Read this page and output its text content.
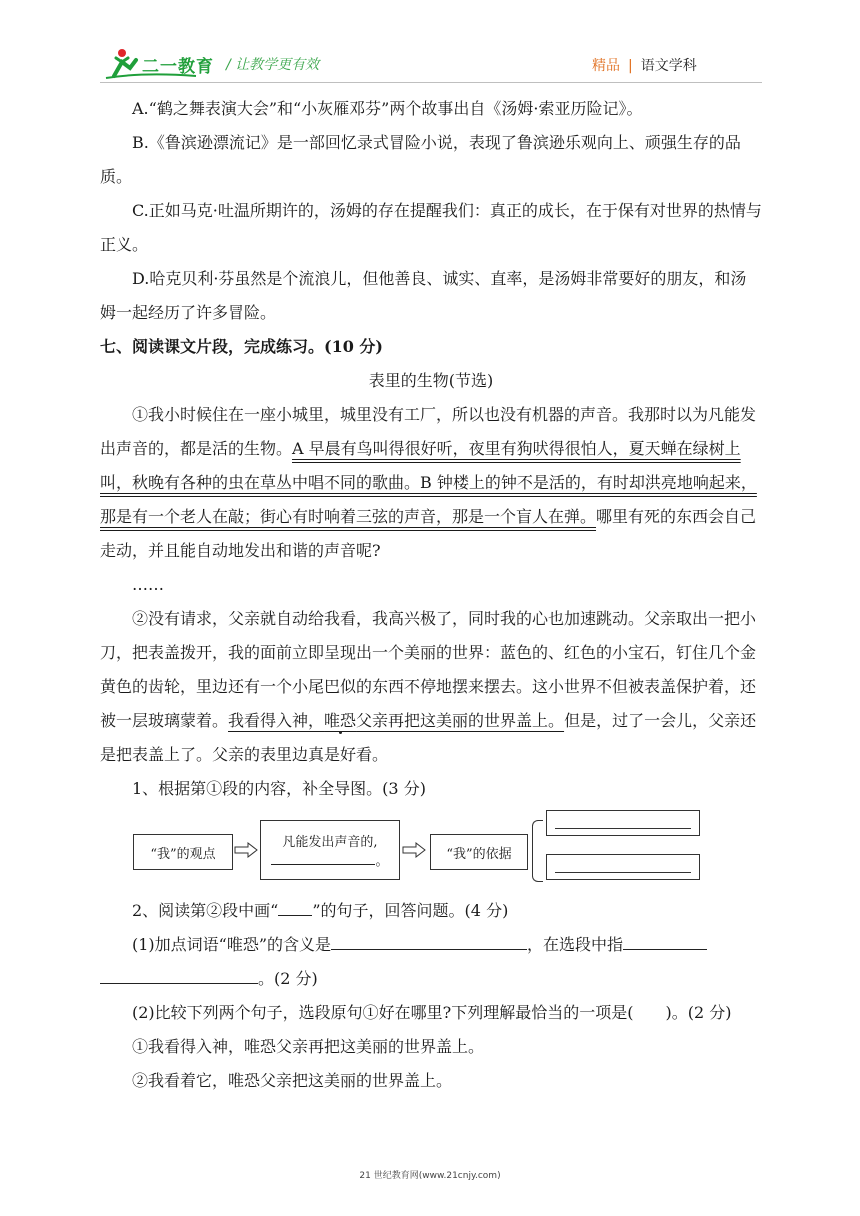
二一教育 / 让教学更有效	精品 | 语文学科

A.“鹤之舞表演大会”和“小灰雁邓芬”两个故事出自《汤姆·索亚历险记》。

B.《鲁滨逊漂流记》是一部回忆录式冒险小说，表现了鲁滨逊乐观向上、顽强生存的品质。

C.正如马克·吐温所期许的，汤姆的存在提醒我们：真正的成长，在于保有对世界的热情与正义。

D.哈克贝利·芬虽然是个流浪儿，但他善良、诚实、直率，是汤姆非常要好的朋友，和汤姆一起经历了许多冒险。

七、阅读课文片段，完成练习。(10 分)

表里的生物(节选)

①我小时候住在一座小城里，城里没有工厂，所以也没有机器的声音。我那时以为凡能发出声音的，都是活的生物。A 早晨有鸟叫得很好听，夜里有狗吠得很怕人，夏天蝉在绿树上叫，秋晚有各种的虫在草丛中唱不同的歌曲。B 钟楼上的钟不是活的，有时却洪亮地响起来，那是有一个老人在敲；街心有时响着三弦的声音，那是一个盲人在弹。哪里有死的东西会自己走动，并且能自动地发出和谐的声音呢?

……

②没有请求，父亲就自动给我看，我高兴极了，同时我的心也加速跳动。父亲取出一把小刀，把表盖拨开，我的面前立即呈现出一个美丽的世界：蓝色的、红色的小宝石，钉住几个金黄色的齿轮，里边还有一个小尾巴似的东西不停地摆来摆去。这小世界不但被表盖保护着，还被一层玻璃蒙着。我看得入神，唯恐父亲再把这美丽的世界盖上。但是，过了一会儿，父亲还是把表盖上了。父亲的表里边真是好看。

1、根据第①段的内容，补全导图。(3 分)

“我”的观点
凡能发出声音的,
。	“我”的依据

2、阅读第②段中画“ ”的句子，回答问题。(4 分)

(1)加点词语“唯恐”的含义是	，在选段中指
。(2 分)

(2)比较下列两个句子，选段原句①好在哪里?下列理解最恰当的一项是(　　)。(2 分)

①我看得入神，唯恐父亲再把这美丽的世界盖上。

②我看着它，唯恐父亲把这美丽的世界盖上。

21 世纪教育网(www.21cnjy.com)
